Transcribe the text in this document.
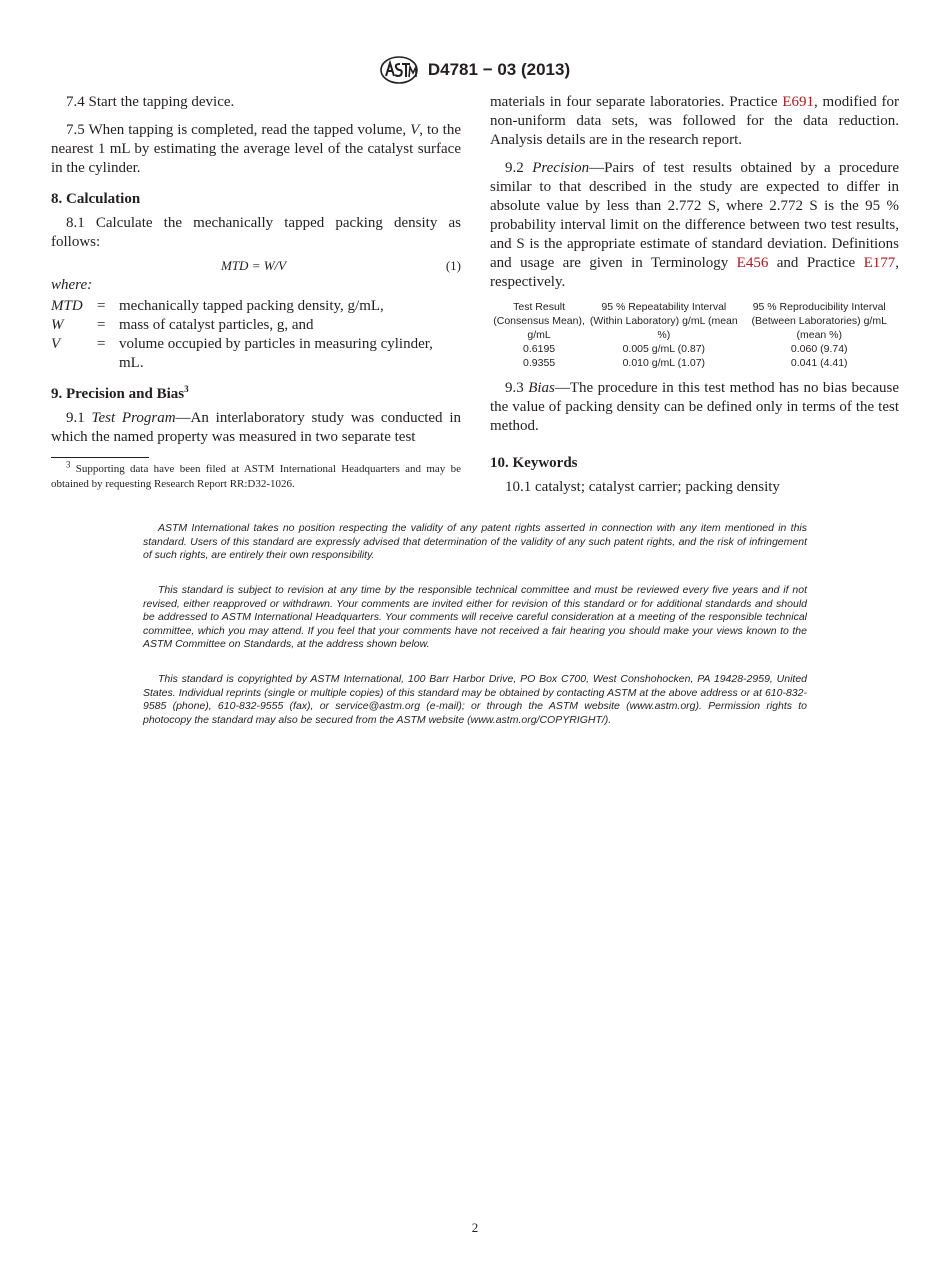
D4781 − 03 (2013)

7.4 Start the tapping device.

7.5 When tapping is completed, read the tapped volume, V, to the nearest 1 mL by estimating the average level of the catalyst surface in the cylinder.

8. Calculation

8.1 Calculate the mechanically tapped packing density as follows:

MTD = W/V	(1)

where:

MTD = mechanically tapped packing density, g/mL,
W	= mass of catalyst particles, g, and
V	= volume occupied by particles in measuring cylinder, mL.
9. Precision and Bias$^3$

9.1 Test Program—An interlaboratory study was conducted in which the named property was measured in two separate test

$^3$ Supporting data have been filed at ASTM International Headquarters and may be obtained by requesting Research Report RR:D32-1026.

materials in four separate laboratories. Practice E691, modified for non-uniform data sets, was followed for the data reduction. Analysis details are in the research report.

9.2 Precision—Pairs of test results obtained by a procedure similar to that described in the study are expected to differ in absolute value by less than 2.772 S, where 2.772 S is the 95 % probability interval limit on the difference between two test results, and S is the appropriate estimate of standard deviation. Definitions and usage are given in Terminology E456 and Practice E177, respectively.

Test Result (Consensus Mean), g/mL	95 % Repeatability Interval (Within Laboratory) g/mL (mean %)	95 % Reproducibility Interval (Between Laboratories) g/mL (mean %)
0.6195	0.005 g/mL (0.87)	0.060 (9.74)
0.9355	0.010 g/mL (1.07)	0.041 (4.41)

9.3 Bias—The procedure in this test method has no bias because the value of packing density can be defined only in terms of the test method.

10. Keywords

10.1 catalyst; catalyst carrier; packing density

ASTM International takes no position respecting the validity of any patent rights asserted in connection with any item mentioned in this standard. Users of this standard are expressly advised that determination of the validity of any such patent rights, and the risk of infringement of such rights, are entirely their own responsibility.

This standard is subject to revision at any time by the responsible technical committee and must be reviewed every five years and if not revised, either reapproved or withdrawn. Your comments are invited either for revision of this standard or for additional standards and should be addressed to ASTM International Headquarters. Your comments will receive careful consideration at a meeting of the responsible technical committee, which you may attend. If you feel that your comments have not received a fair hearing you should make your views known to the ASTM Committee on Standards, at the address shown below.

This standard is copyrighted by ASTM International, 100 Barr Harbor Drive, PO Box C700, West Conshohocken, PA 19428-2959, United States. Individual reprints (single or multiple copies) of this standard may be obtained by contacting ASTM at the above address or at 610-832-9585 (phone), 610-832-9555 (fax), or service@astm.org (e-mail); or through the ASTM website (www.astm.org). Permission rights to photocopy the standard may also be secured from the ASTM website (www.astm.org/COPYRIGHT/).

2
